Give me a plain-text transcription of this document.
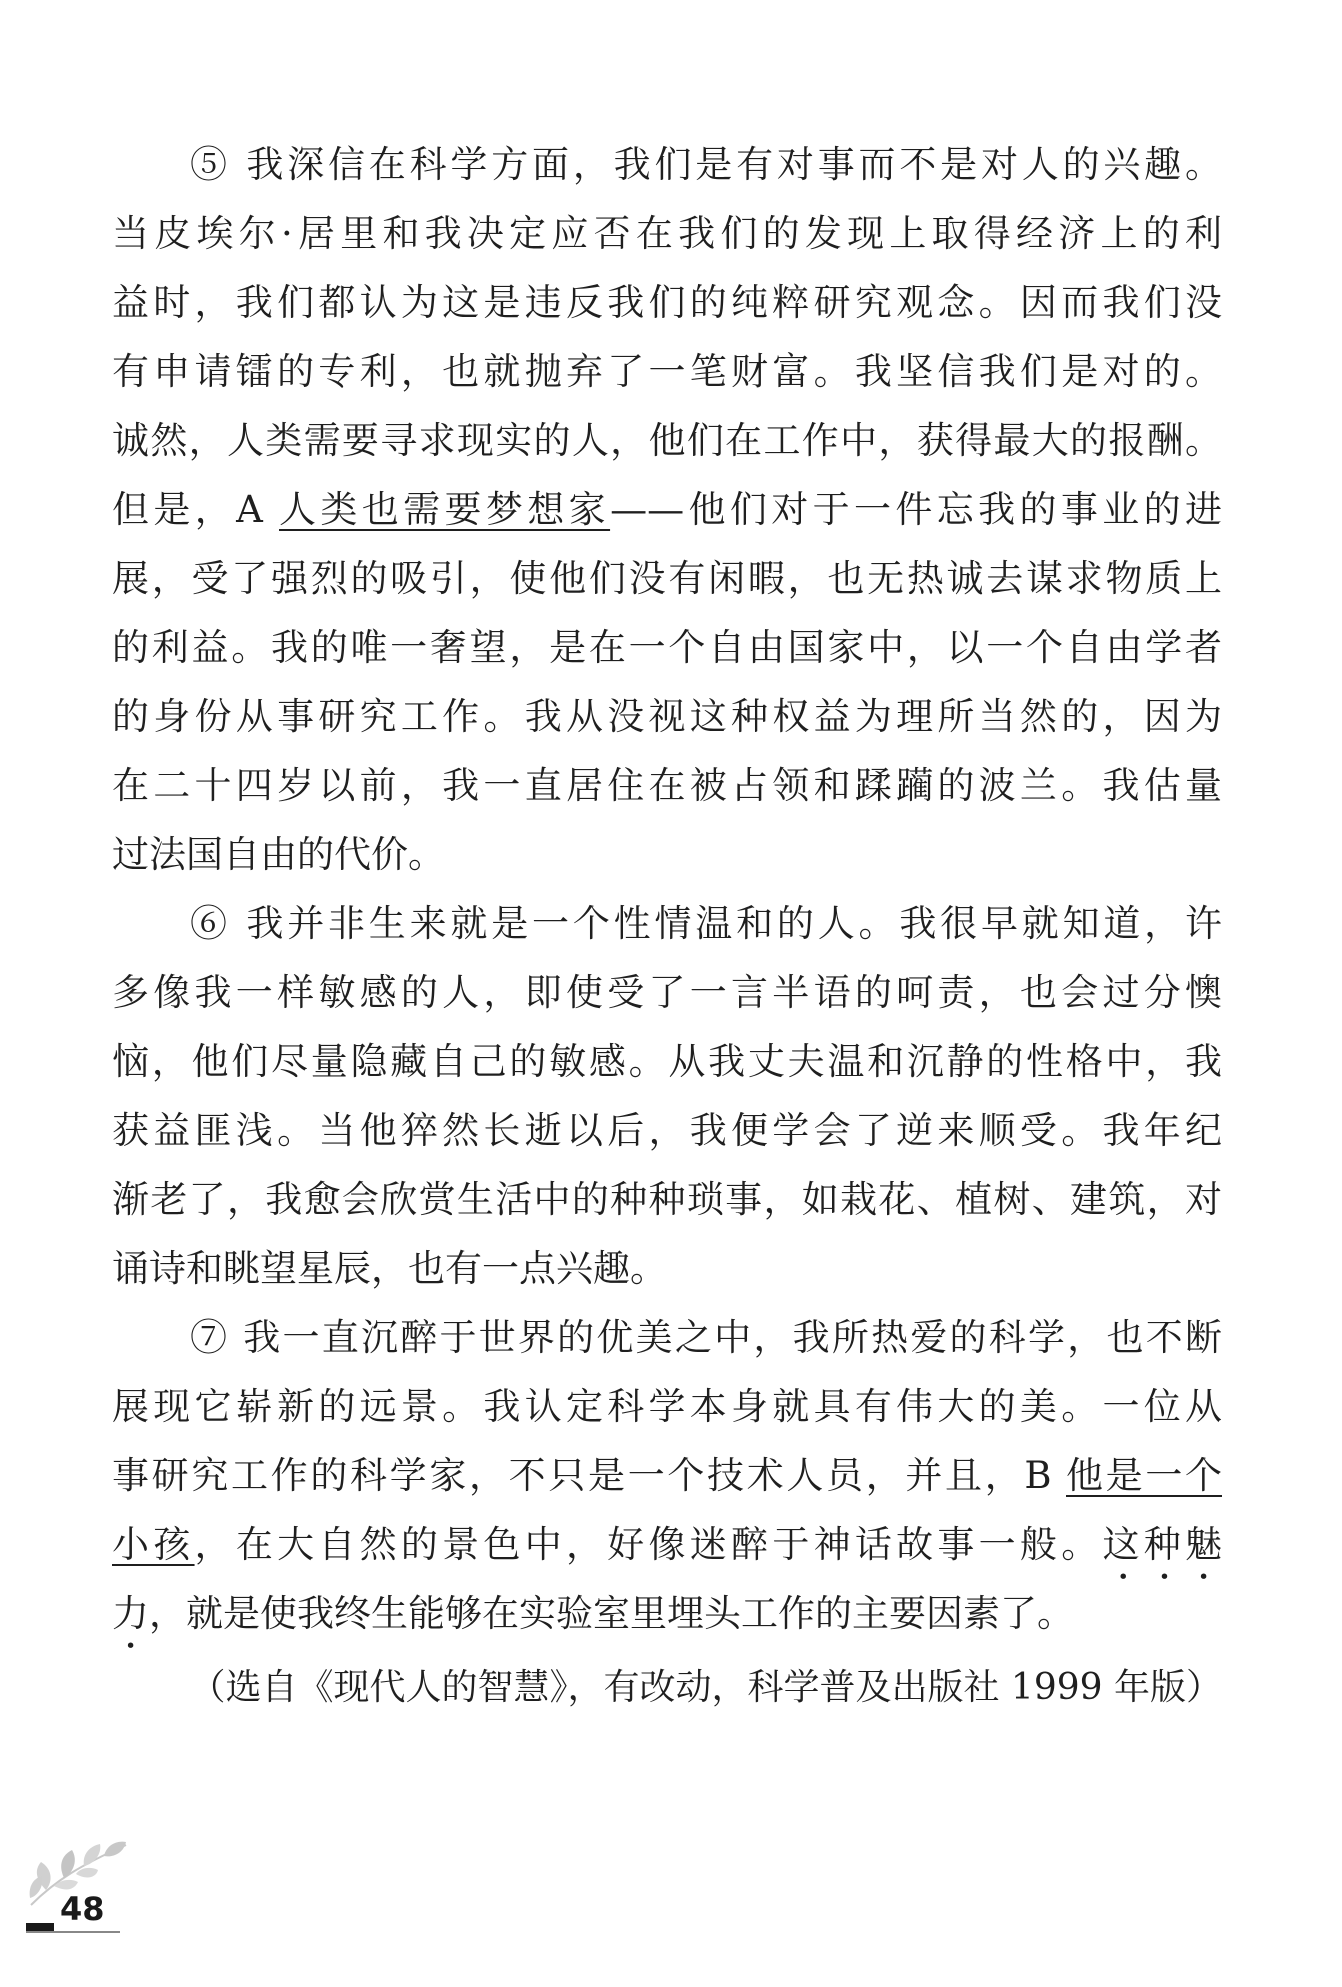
⑤ 我深信在科学方面，我们是有对事而不是对人的兴趣。
当皮埃尔·居里和我决定应否在我们的发现上取得经济上的利
益时，我们都认为这是违反我们的纯粹研究观念。因而我们没
有申请镭的专利，也就抛弃了一笔财富。我坚信我们是对的。
诚然，人类需要寻求现实的人，他们在工作中，获得最大的报酬。
但是，A 人类也需要梦想家——他们对于一件忘我的事业的进
展，受了强烈的吸引，使他们没有闲暇，也无热诚去谋求物质上
的利益。我的唯一奢望，是在一个自由国家中，以一个自由学者
的身份从事研究工作。我从没视这种权益为理所当然的，因为
在二十四岁以前，我一直居住在被占领和蹂躏的波兰。我估量
过法国自由的代价。
⑥ 我并非生来就是一个性情温和的人。我很早就知道，许
多像我一样敏感的人，即使受了一言半语的呵责，也会过分懊
恼，他们尽量隐藏自己的敏感。从我丈夫温和沉静的性格中，我
获益匪浅。当他猝然长逝以后，我便学会了逆来顺受。我年纪
渐老了，我愈会欣赏生活中的种种琐事，如栽花、植树、建筑，对
诵诗和眺望星辰，也有一点兴趣。
⑦ 我一直沉醉于世界的优美之中，我所热爱的科学，也不断
展现它崭新的远景。我认定科学本身就具有伟大的美。一位从
事研究工作的科学家，不只是一个技术人员，并且，B 他是一个
小孩，在大自然的景色中，好像迷醉于神话故事一般。这种魅
力，就是使我终生能够在实验室里埋头工作的主要因素了。
（选自《现代人的智慧》，有改动，科学普及出版社 1999 年版）
48
